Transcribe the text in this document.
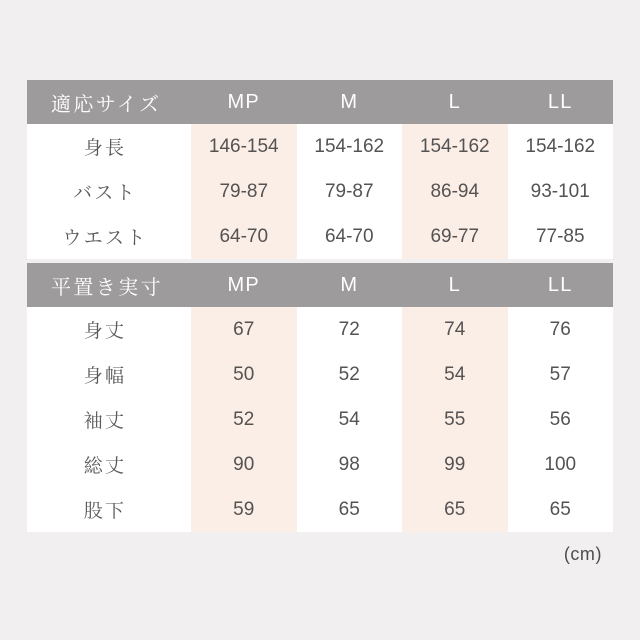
適応サイズ	MP	M	L	LL
身長	146-154	154-162	154-162	154-162
バスト	79-87	79-87	86-94	93-101
ウエスト	64-70	64-70	69-77	77-85
平置き実寸	MP	M	L	LL
身丈	67	72	74	76
身幅	50	52	54	57
袖丈	52	54	55	56
総丈	90	98	99	100
股下	59	65	65	65
(cm)
